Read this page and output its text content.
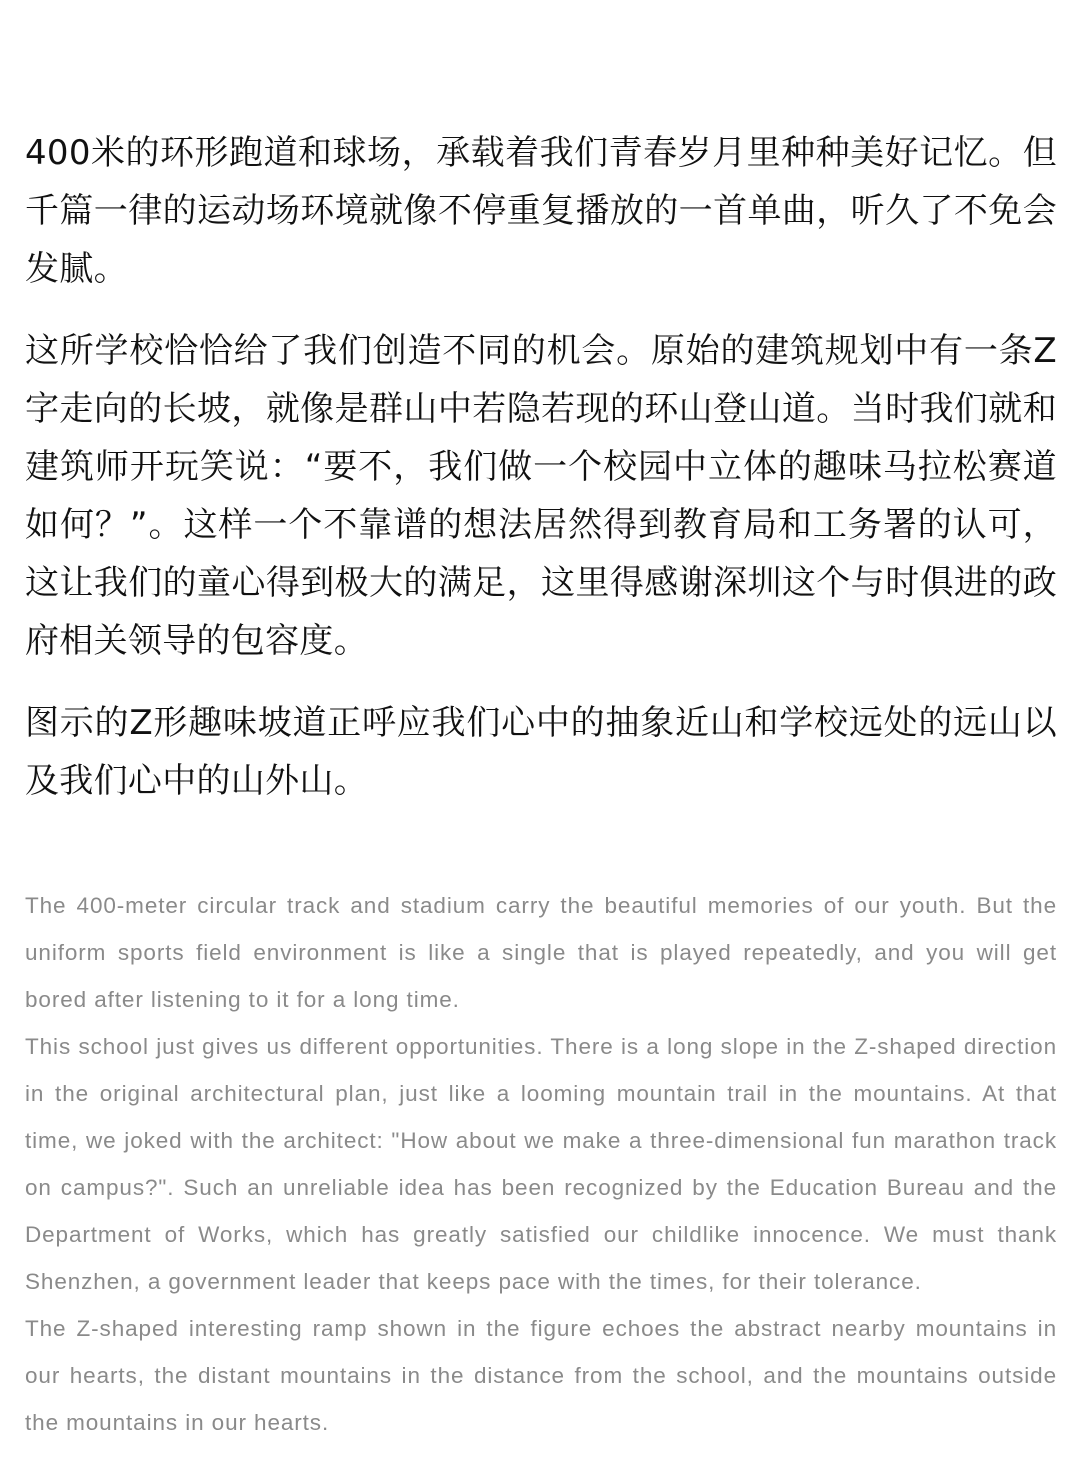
400米的环形跑道和球场，承载着我们青春岁月里种种美好记忆。但千篇一律的运动场环境就像不停重复播放的一首单曲，听久了不免会发腻。

这所学校恰恰给了我们创造不同的机会。原始的建筑规划中有一条Z字走向的长坡，就像是群山中若隐若现的环山登山道。当时我们就和建筑师开玩笑说：“要不，我们做一个校园中立体的趣味马拉松赛道如何？”。这样一个不靠谱的想法居然得到教育局和工务署的认可，这让我们的童心得到极大的满足，这里得感谢深圳这个与时俱进的政府相关领导的包容度。

图示的Z形趣味坡道正呼应我们心中的抽象近山和学校远处的远山以及我们心中的山外山。

The 400-meter circular track and stadium carry the beautiful memories of our youth. But the uniform sports field environment is like a single that is played repeatedly, and you will get bored after listening to it for a long time.

This school just gives us different opportunities. There is a long slope in the Z-shaped direction in the original architectural plan, just like a looming mountain trail in the mountains. At that time, we joked with the architect: "How about we make a three-dimensional fun marathon track on campus?". Such an unreliable idea has been recognized by the Education Bureau and the Department of Works, which has greatly satisfied our childlike innocence. We must thank Shenzhen, a government leader that keeps pace with the times, for their tolerance.

The Z-shaped interesting ramp shown in the figure echoes the abstract nearby mountains in our hearts, the distant mountains in the distance from the school, and the mountains outside the mountains in our hearts.
